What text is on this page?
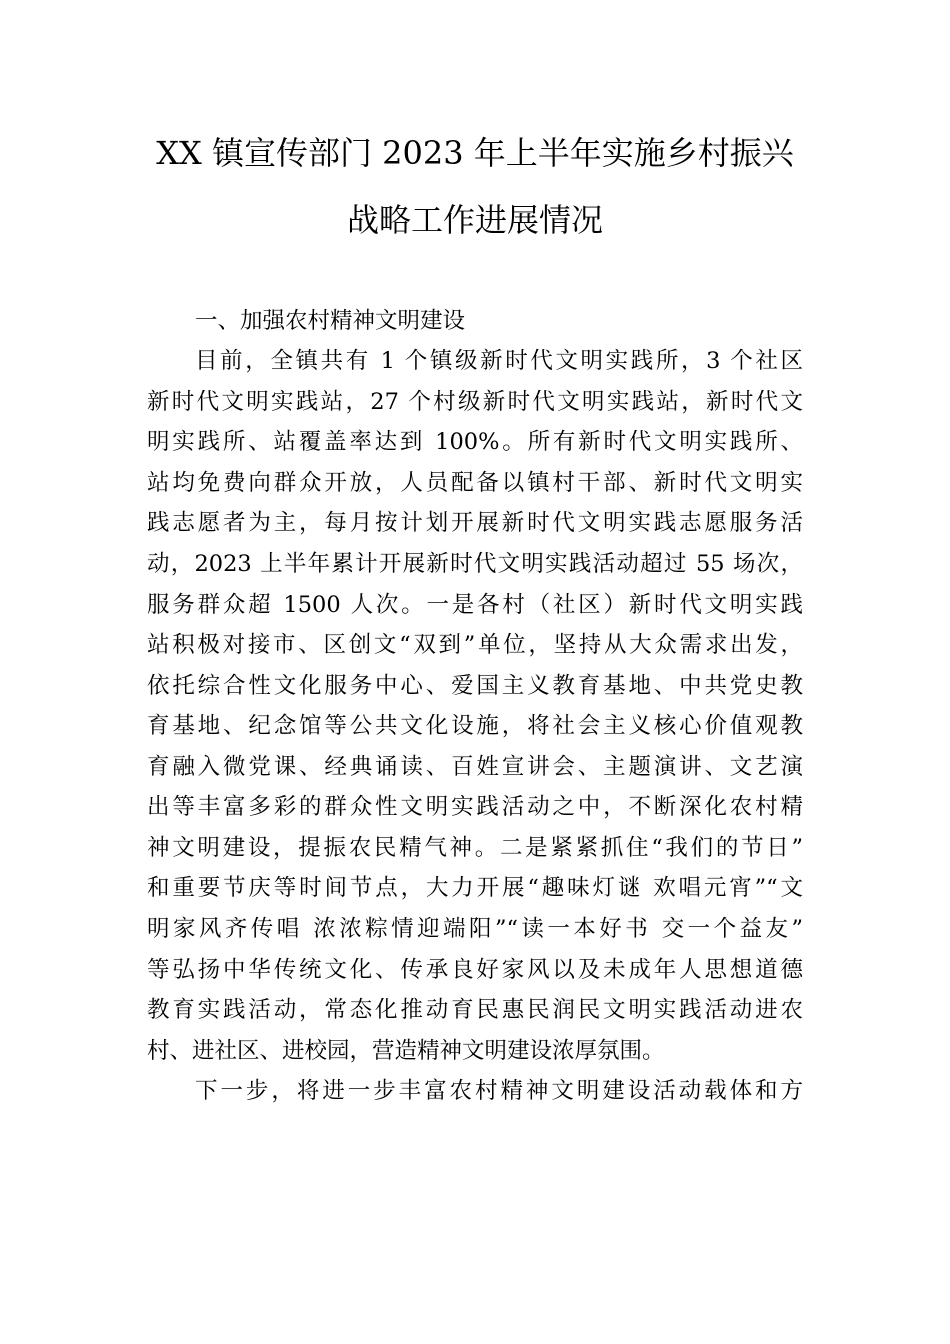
XX 镇宣传部门 2023 年上半年实施乡村振兴
战略工作进展情况
一、加强农村精神文明建设
目前，全镇共有 1 个镇级新时代文明实践所，3 个社区
新时代文明实践站，27 个村级新时代文明实践站，新时代文
明实践所、站覆盖率达到 100%。所有新时代文明实践所、
站均免费向群众开放，人员配备以镇村干部、新时代文明实
践志愿者为主，每月按计划开展新时代文明实践志愿服务活
动，2023 上半年累计开展新时代文明实践活动超过 55 场次，
服务群众超 1500 人次。一是各村（社区）新时代文明实践
站积极对接市、区创文“双到”单位，坚持从大众需求出发，
依托综合性文化服务中心、爱国主义教育基地、中共党史教
育基地、纪念馆等公共文化设施，将社会主义核心价值观教
育融入微党课、经典诵读、百姓宣讲会、主题演讲、文艺演
出等丰富多彩的群众性文明实践活动之中，不断深化农村精
神文明建设，提振农民精气神。二是紧紧抓住“我们的节日”
和重要节庆等时间节点，大力开展“趣味灯谜 欢唱元宵”“文
明家风齐传唱 浓浓粽情迎端阳”“读一本好书 交一个益友”
等弘扬中华传统文化、传承良好家风以及未成年人思想道德
教育实践活动，常态化推动育民惠民润民文明实践活动进农
村、进社区、进校园，营造精神文明建设浓厚氛围。
下一步，将进一步丰富农村精神文明建设活动载体和方
